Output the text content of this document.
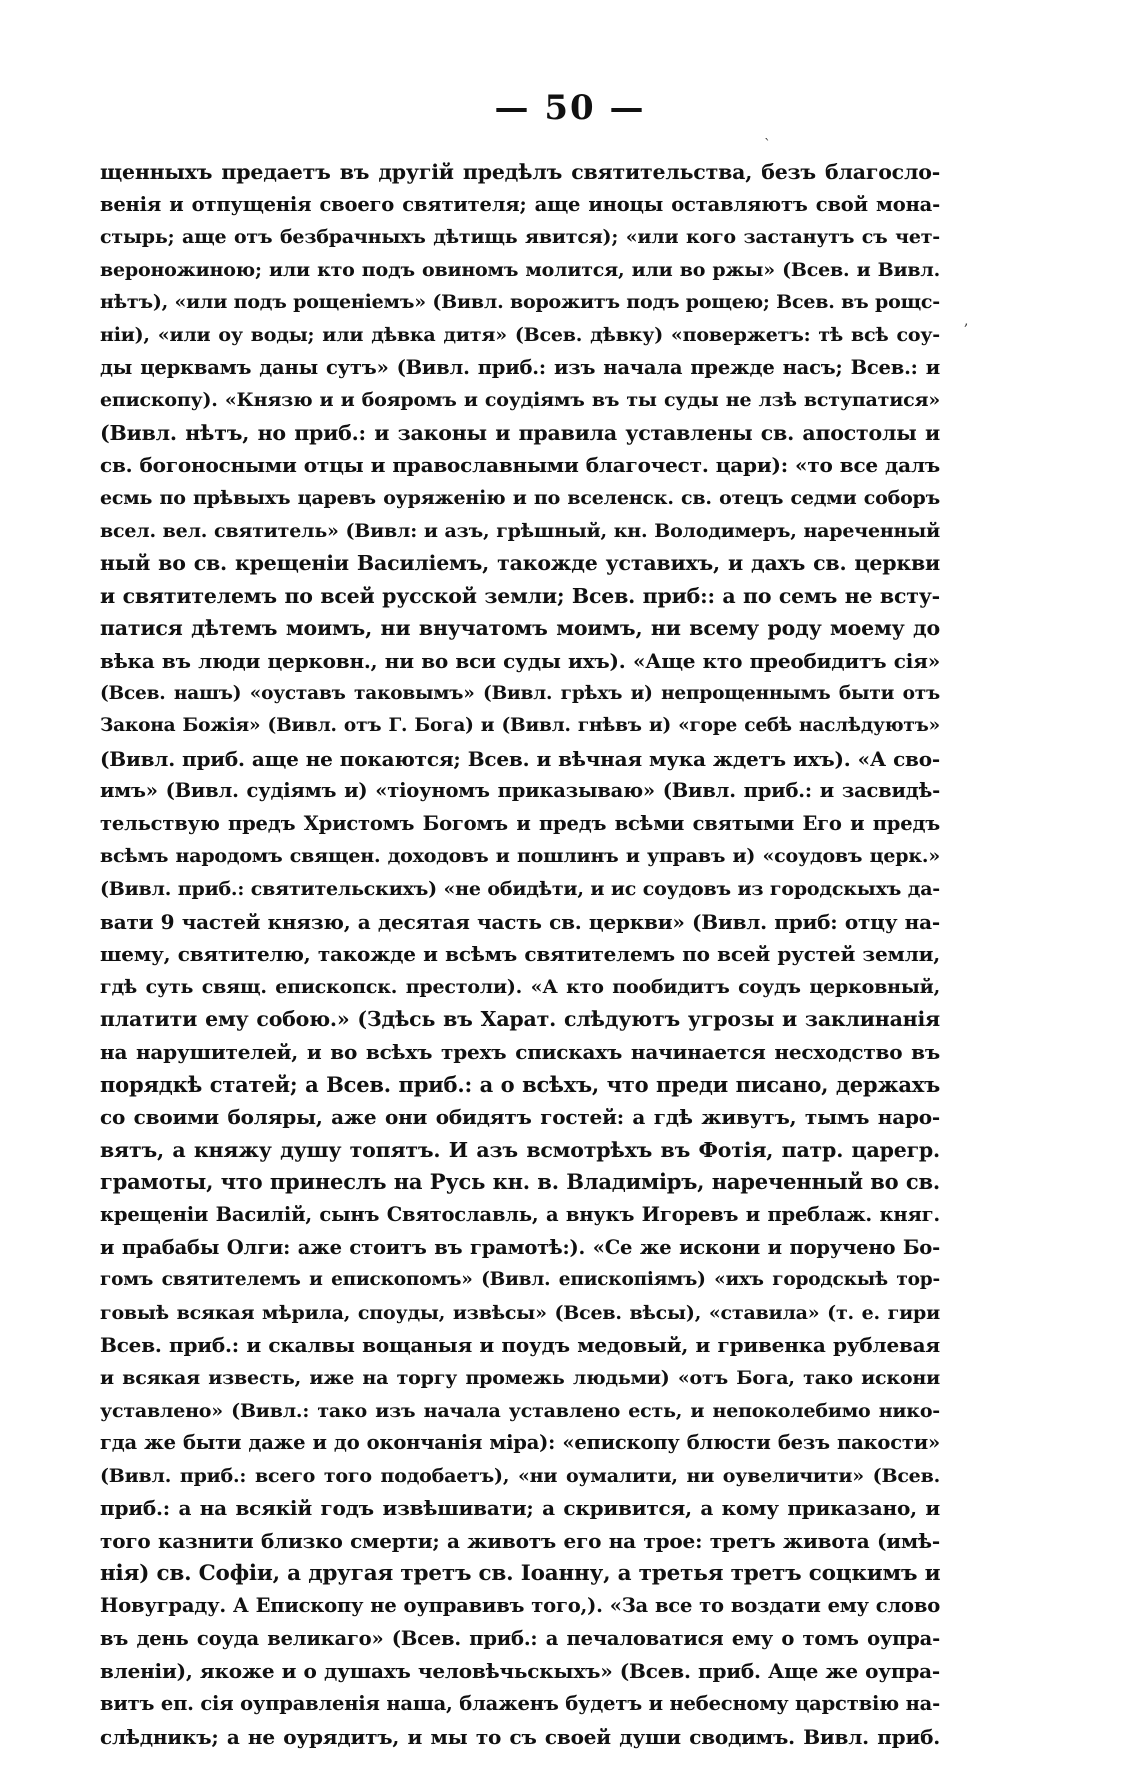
— 50 —
`
,
щенныхъ предаетъ въ другій предѣлъ святительства, безъ благосло-
венія и отпущенія своего святителя; аще иноцы оставляютъ свой мона-
стырь; аще отъ безбрачныхъ дѣтищь явится); «или кого застанутъ съ чет-
вероножиною; или кто подъ овиномъ молится, или во ржы» (Всев. и Вивл.
нѣтъ), «или подъ рощеніемъ» (Вивл. ворожитъ подъ рощею; Всев. въ рощс-
ніи), «или оу воды; или дѣвка дитя» (Всев. дѣвку) «повержетъ: тѣ всѣ соу-
ды церквамъ даны сутъ» (Вивл. приб.: изъ начала прежде насъ; Всев.: и
епископу). «Князю и и бояромъ и соудіямъ въ ты суды не лзѣ вступатися»
(Вивл. нѣтъ, но приб.: и законы и правила уставлены св. апостолы и
св. богоносными отцы и православными благочест. цари): «то все далъ
есмь по прѣвыхъ царевъ оуряженію и по вселенск. св. отецъ седми соборъ
всел. вел. святитель» (Вивл: и азъ, грѣшный, кн. Володимеръ, нареченный
ный во св. крещеніи Василіемъ, такожде уставихъ, и дахъ св. церкви
и святителемъ по всей русской земли; Всев. приб:: а по семъ не всту-
патися дѣтемъ моимъ, ни внучатомъ моимъ, ни всему роду моему до
вѣка въ люди церковн., ни во вси суды ихъ). «Аще кто преобидитъ сія»
(Всев. нашъ) «оуставъ таковымъ» (Вивл. грѣхъ и) непрощеннымъ быти отъ
Закона Божія» (Вивл. отъ Г. Бога) и (Вивл. гнѣвъ и) «горе себѣ наслѣдуютъ»
(Вивл. приб. аще не покаются; Всев. и вѣчная мука ждетъ ихъ). «А сво-
имъ» (Вивл. судіямъ и) «тіоуномъ приказываю» (Вивл. приб.: и засвидѣ-
тельствую предъ Христомъ Богомъ и предъ всѣми святыми Его и предъ
всѣмъ народомъ священ. доходовъ и пошлинъ и управъ и) «соудовъ церк.»
(Вивл. приб.: святительскихъ) «не обидѣти, и ис соудовъ из городскыхъ да-
вати 9 частей князю, а десятая часть св. церкви» (Вивл. приб: отцу на-
шему, святителю, такожде и всѣмъ святителемъ по всей рустей земли,
гдѣ суть свящ. епископск. престоли). «А кто пообидитъ соудъ церковный,
платити ему собою.» (Здѣсь въ Харат. слѣдуютъ угрозы и заклинанія
на нарушителей, и во всѣхъ трехъ спискахъ начинается несходство въ
порядкѣ статей; а Всев. приб.: а о всѣхъ, что преди писано, держахъ
со своими боляры, аже они обидятъ гостей: а гдѣ живутъ, тымъ наро-
вятъ, а княжу душу топятъ. И азъ всмотрѣхъ въ Фотія, патр. царегр.
грамоты, что принеслъ на Русь кн. в. Владиміръ, нареченный во св.
крещеніи Василій, сынъ Святославль, а внукъ Игоревъ и преблаж. княг.
и прабабы Олги: аже стоитъ въ грамотѣ:). «Се же искони и поручено Бо-
гомъ святителемъ и епископомъ» (Вивл. епископіямъ) «ихъ городскыѣ тор-
говыѣ всякая мѣрила, споуды, извѣсы» (Всев. вѣсы), «ставила» (т. е. гири
Всев. приб.: и скалвы вощаныя и поудъ медовый, и гривенка рублевая
и всякая известь, иже на торгу промежь людьми) «отъ Бога, тако искони
уставлено» (Вивл.: тако изъ начала уставлено есть, и непоколебимо нико-
гда же быти даже и до окончанія міра): «епископу блюсти безъ пакости»
(Вивл. приб.: всего того подобаетъ), «ни оумалити, ни оувеличити» (Всев.
приб.: а на всякій годъ извѣшивати; а скривится, а кому приказано, и
того казнити близко смерти; а животъ его на трое: третъ живота (имѣ-
нія) св. Софіи, а другая третъ св. Іоанну, а третья третъ соцкимъ и
Новуграду. А Епископу не оуправивъ того,). «За все то воздати ему слово
въ день соуда великаго» (Всев. приб.: а печаловатися ему о томъ оупра-
вленіи), якоже и о душахъ человѣчьскыхъ» (Всев. приб. Аще же оупра-
витъ еп. сія оуправленія наша, блаженъ будетъ и небесному царствію на-
слѣдникъ; а не оурядитъ, и мы то съ своей души сводимъ. Вивл. приб.
